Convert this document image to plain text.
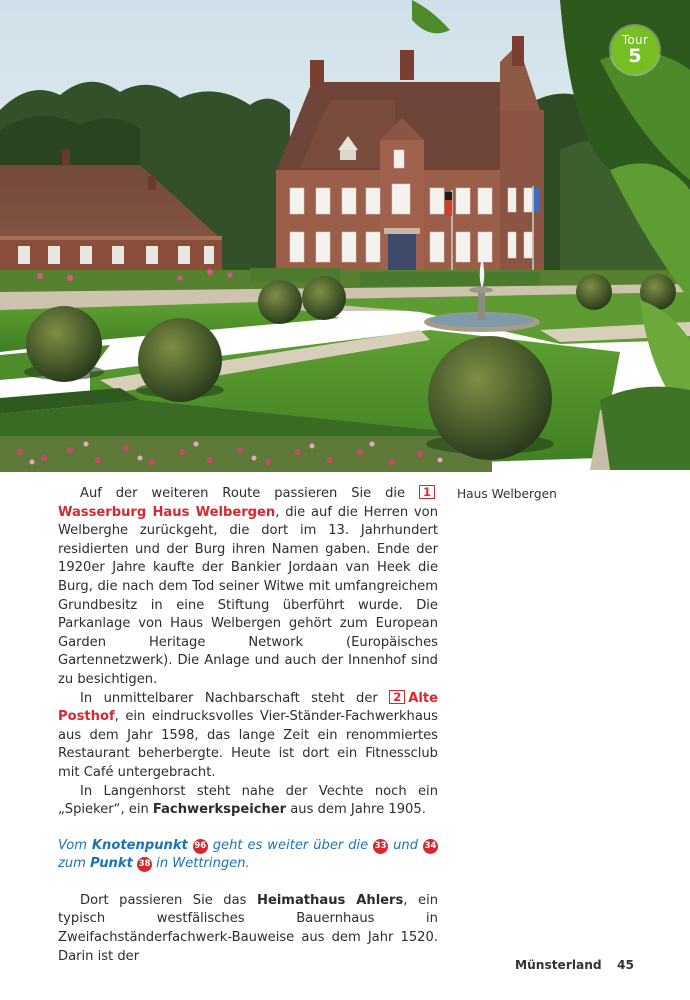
Tour
5
Haus Welbergen

Auf der weiteren Route passieren Sie die 1Wasserburg Haus Welbergen, die auf die Herren von Welberghe zurückgeht, die dort im 13. Jahrhundert residierten und der Burg ihren Namen gaben. Ende der 1920er Jahre kaufte der Bankier Jordaan van Heek die Burg, die nach dem Tod seiner Witwe mit umfangreichem Grundbesitz in eine Stiftung überführt wurde. Die Parkanlage von Haus Welbergen gehört zum European Garden Heritage Network (Europäisches Gartennetzwerk). Die Anlage und auch der Innenhof sind zu besichtigen.

In unmittelbarer Nachbarschaft steht der 2 Alte Posthof, ein eindrucksvolles Vier-Ständer-Fachwerkhaus aus dem Jahr 1598, das lange Zeit ein renommiertes Restaurant beherbergte. Heute ist dort ein Fitnessclub mit Café untergebracht.

In Langenhorst steht nahe der Vechte noch ein „Spieker“, ein Fachwerkspeicher aus dem Jahre 1905.

Vom Knotenpunkt 96 geht es weiter über die 33 und 34 zum Punkt 38 in Wettringen.

Dort passieren Sie das Heimathaus Ahlers, ein typisch westfälisches Bauernhaus in Zweifachständerfachwerk-Bauweise aus dem Jahr 1520. Darin ist der

Münsterland 45
